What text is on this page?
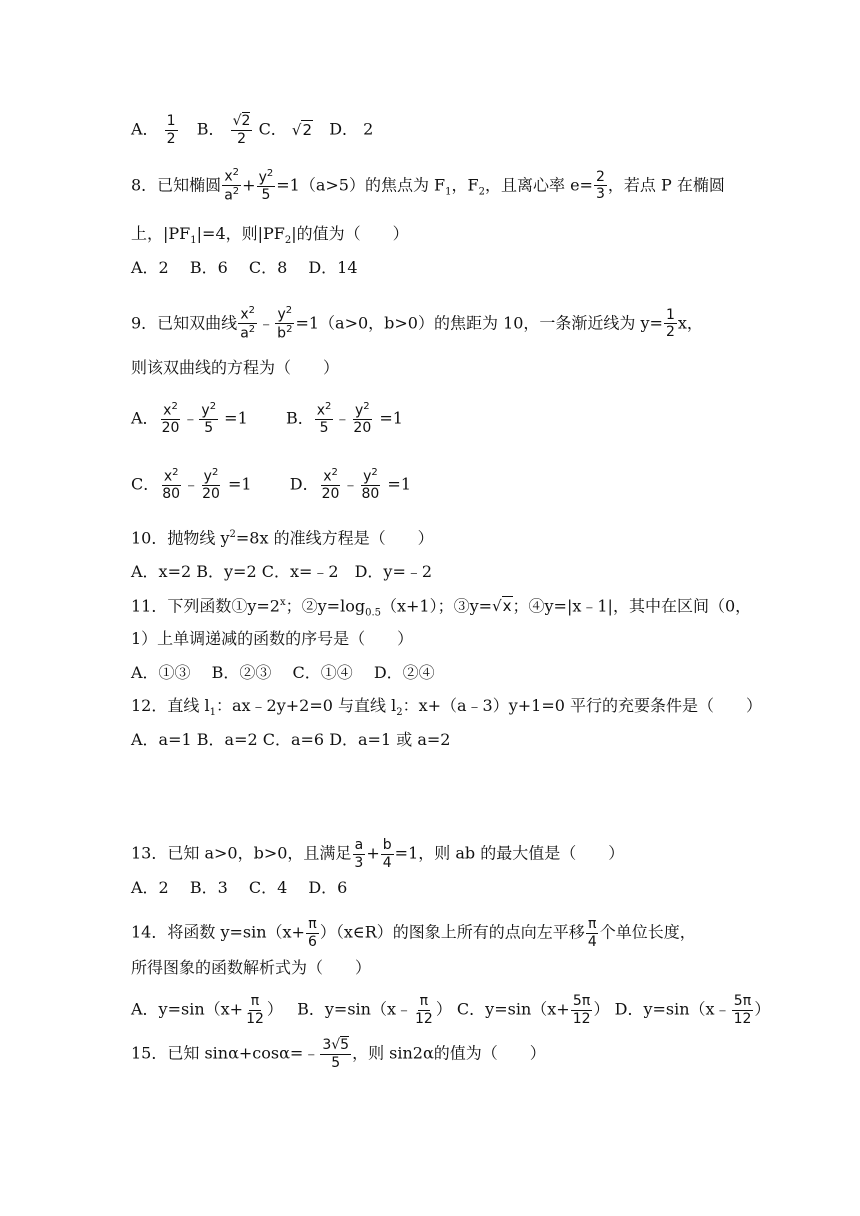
A． $\frac{1}{2}$ B． $\frac{√2}{2}$ C． √2 D． 2
8．已知椭圆 $\frac{x^2}{a^2} + \frac{y^2}{5} =1(a>5)$的焦点为 $F_1$，$F_2$，且离心率 $e= \frac{2}{3}$ ，若点 P 在椭圆
上，$|PF_1|=4$，则$|PF_2|$的值为（　　）
A．2　 B．6　 C．8　 D．14
9．已知双曲线 $\frac{x^2}{a^2}$ ﹣ $\frac{y^2}{b^2} =1(a>0$，b>0）的焦距为 10，一条渐近线为 $y= \frac{1}{2}$ x，
则该双曲线的方程为（　　）
A． $\frac{x^2}{20}$ ﹣ $\frac{y^2}{5} =1$ B． $\frac{x^2}{5}$ ﹣ $\frac{y^2}{20} =1$
C． $\frac{x^2}{80}$ ﹣ $\frac{y^2}{20} =1$ D． $\frac{x^2}{20}$ ﹣ $\frac{y^2}{80} =1$
10．抛物线 $y^2=8x$ 的准线方程是（　　）
A．x=2 B．y=2 C．x=﹣2　D．y=﹣2
11．下列函数$①y=2^x$；$②y=\log_{0.5}(x+1)$；③y=√x；④y=|x﹣1|，其中在区间（0，
1）上单调递减的函数的序号是（　　）
A．①③　 B．②③　 C．①④　 D．②④
12．直线 $l_1$：ax﹣2y+2=0 与直线 $l_2$：x+（a﹣3）y+1=0 平行的充要条件是（　　）
A．a=1 B．a=2 C．a=6 D．a=1 或 a=2
13．已知 a>0，b>0，且满足 $\frac{a}{3} + \frac{b}{4} =1$，则 ab 的最大值是（　　）
A．2　 B．3　 C．4　 D．6
14．将函数 $y=\sin(x+ \frac{\pi}{6}$ ）（x∈R）的图象上所有的点向左平移 $\frac{\pi}{4}$ 个单位长度，
所得图象的函数解析式为（　　）
A．$y=\sin(x+ \frac{\pi}{12}$ ） B．y=sin（x﹣ $\frac{\pi}{12}$ ） C．$y=\sin(x+ \frac{5\pi}{12}$ ） D．y=sin（x﹣ $\frac{5\pi}{12}$ ）
15．已知 sinα+cosα=﹣ $\frac{3√5}{5}$ ，则 sin2α的值为（　　）
